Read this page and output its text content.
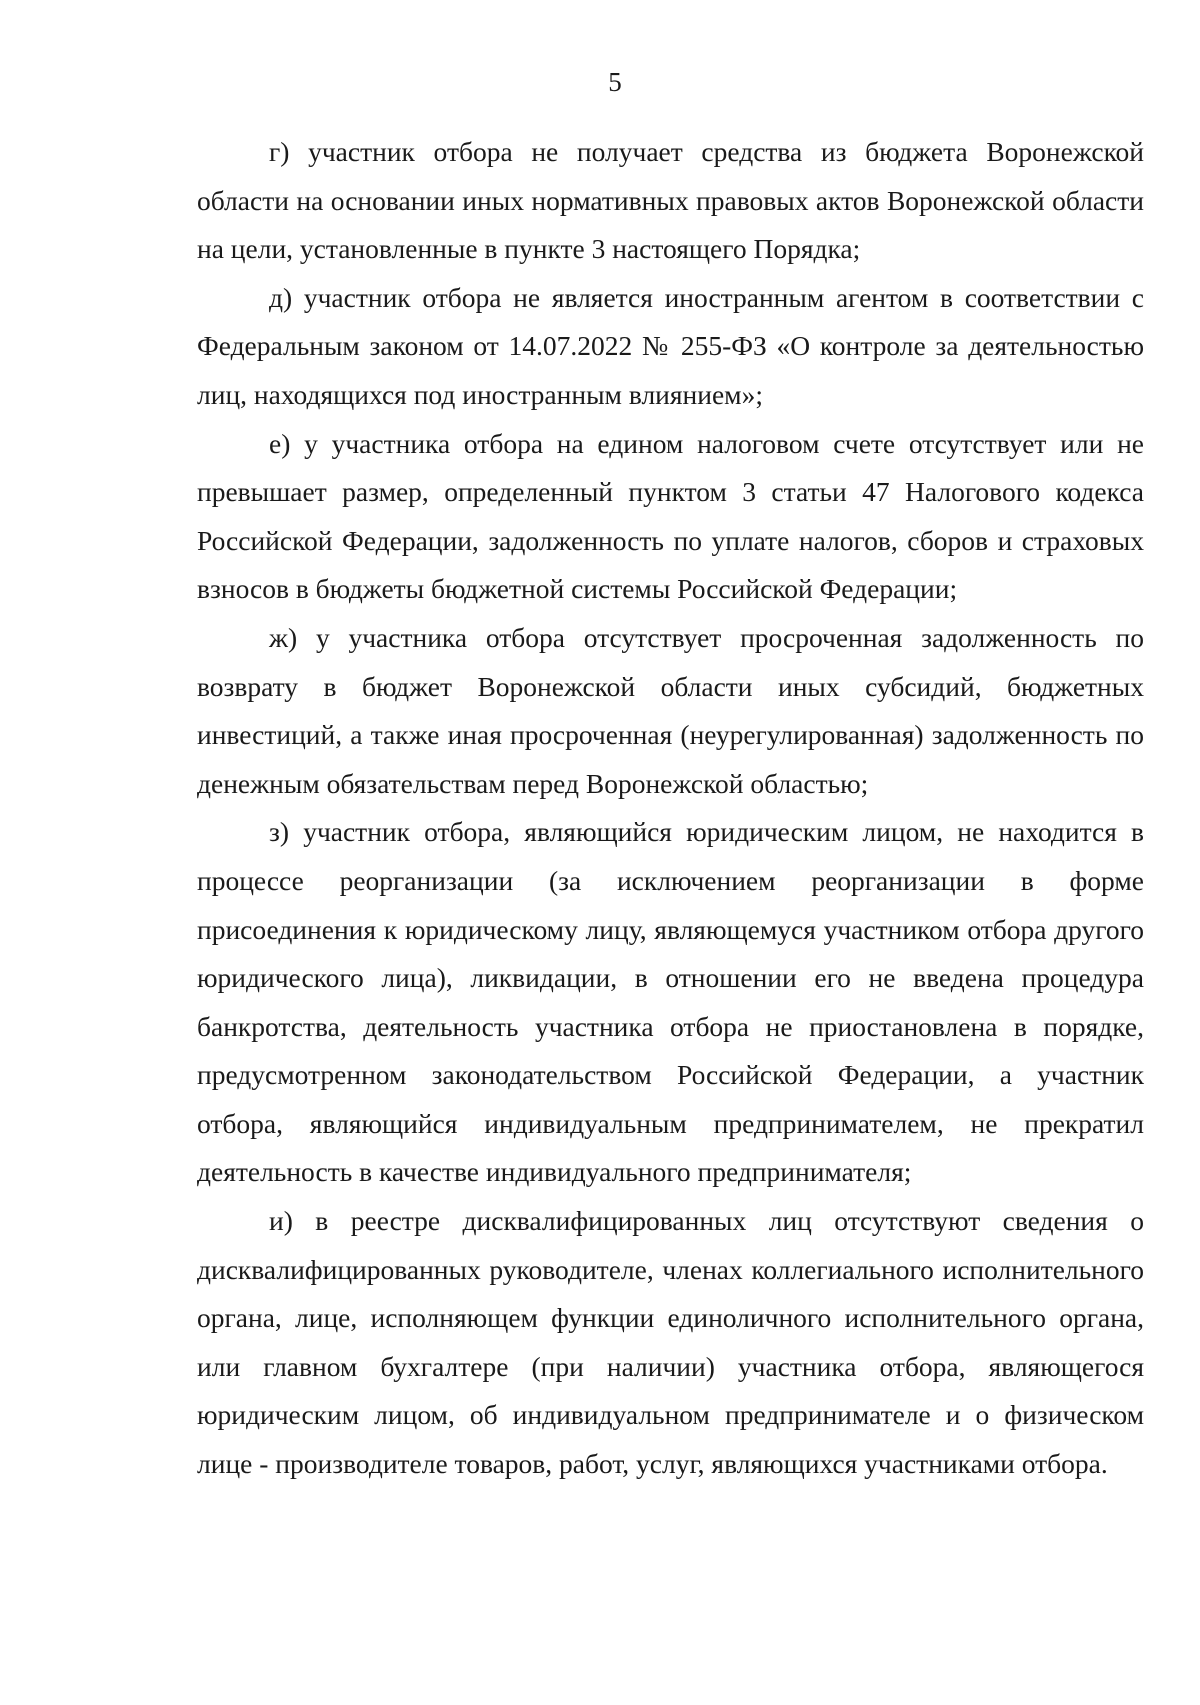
5

г) участник отбора не получает средства из бюджета Воронежской области на основании иных нормативных правовых актов Воронежской области на цели, установленные в пункте 3 настоящего Порядка;

д) участник отбора не является иностранным агентом в соответствии с Федеральным законом от 14.07.2022 № 255-ФЗ «О контроле за деятельностью лиц, находящихся под иностранным влиянием»;

е) у участника отбора на едином налоговом счете отсутствует или не превышает размер, определенный пунктом 3 статьи 47 Налогового кодекса Российской Федерации, задолженность по уплате налогов, сборов и страховых взносов в бюджеты бюджетной системы Российской Федерации;

ж) у участника отбора отсутствует просроченная задолженность по возврату в бюджет Воронежской области иных субсидий, бюджетных инвестиций, а также иная просроченная (неурегулированная) задолженность по денежным обязательствам перед Воронежской областью;

з) участник отбора, являющийся юридическим лицом, не находится в процессе реорганизации (за исключением реорганизации в форме присоединения к юридическому лицу, являющемуся участником отбора другого юридического лица), ликвидации, в отношении его не введена процедура банкротства, деятельность участника отбора не приостановлена в порядке, предусмотренном законодательством Российской Федерации, а участник отбора, являющийся индивидуальным предпринимателем, не прекратил деятельность в качестве индивидуального предпринимателя;

и) в реестре дисквалифицированных лиц отсутствуют сведения о дисквалифицированных руководителе, членах коллегиального исполнительного органа, лице, исполняющем функции единоличного исполнительного органа, или главном бухгалтере (при наличии) участника отбора, являющегося юридическим лицом, об индивидуальном предпринимателе и о физическом лице - производителе товаров, работ, услуг, являющихся участниками отбора.
